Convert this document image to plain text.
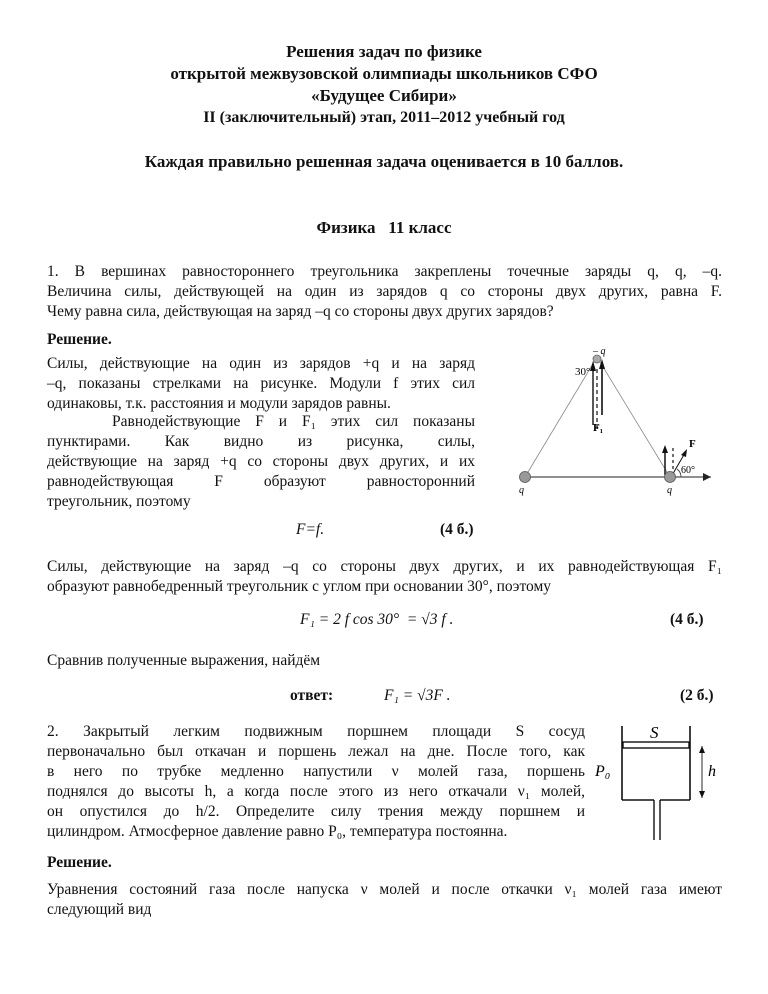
Решения задач по физике
открытой межвузовской олимпиады школьников СФО
«Будущее Сибири»
II (заключительный) этап, 2011–2012 учебный год
Каждая правильно решенная задача оценивается в 10 баллов.
Физика   11 класс
1. В вершинах равностороннего треугольника закреплены точечные заряды q, q, –q.
Величина силы, действующей на один из зарядов q со стороны двух других, равна F.
Чему равна сила, действующая на заряд –q со стороны двух других зарядов?
Решение.
Силы, действующие на один из зарядов +q и на заряд
–q, показаны стрелками на рисунке. Модули f этих сил
одинаковы, т.к. расстояния и модули зарядов равны.
Равнодействующие F и F₁ этих сил показаны
пунктирами. Как видно из рисунка, силы,
действующие на заряд +q со стороны двух других, и их
равнодействующая F образуют равносторонний
треугольник, поэтому
– q
30°
F₁
F
60°
q	q
F=f.	(4 б.)
Силы, действующие на заряд –q со стороны двух других, и их равнодействующая F₁
образуют равнобедренный треугольник с углом при основании 30°, поэтому
F₁ = 2 f cos 30°  = √3 f .	(4 б.)
Сравнив полученные выражения, найдём
ответ:	F₁ = √3F .	(2 б.)
2. Закрытый легким подвижным поршнем площади S сосуд
первоначально был откачан и поршень лежал на дне. После того, как
в него по трубке медленно напустили ν молей газа, поршень
поднялся до высоты h, а когда после этого из него откачали ν₁ молей,
он опустился до h/2. Определите силу трения между поршнем и
цилиндром. Атмосферное давление равно P₀, температура постоянна.
S
P₀	h
Решение.
Уравнения состояний газа после напуска ν молей и после откачки ν₁ молей газа имеют
следующий вид
